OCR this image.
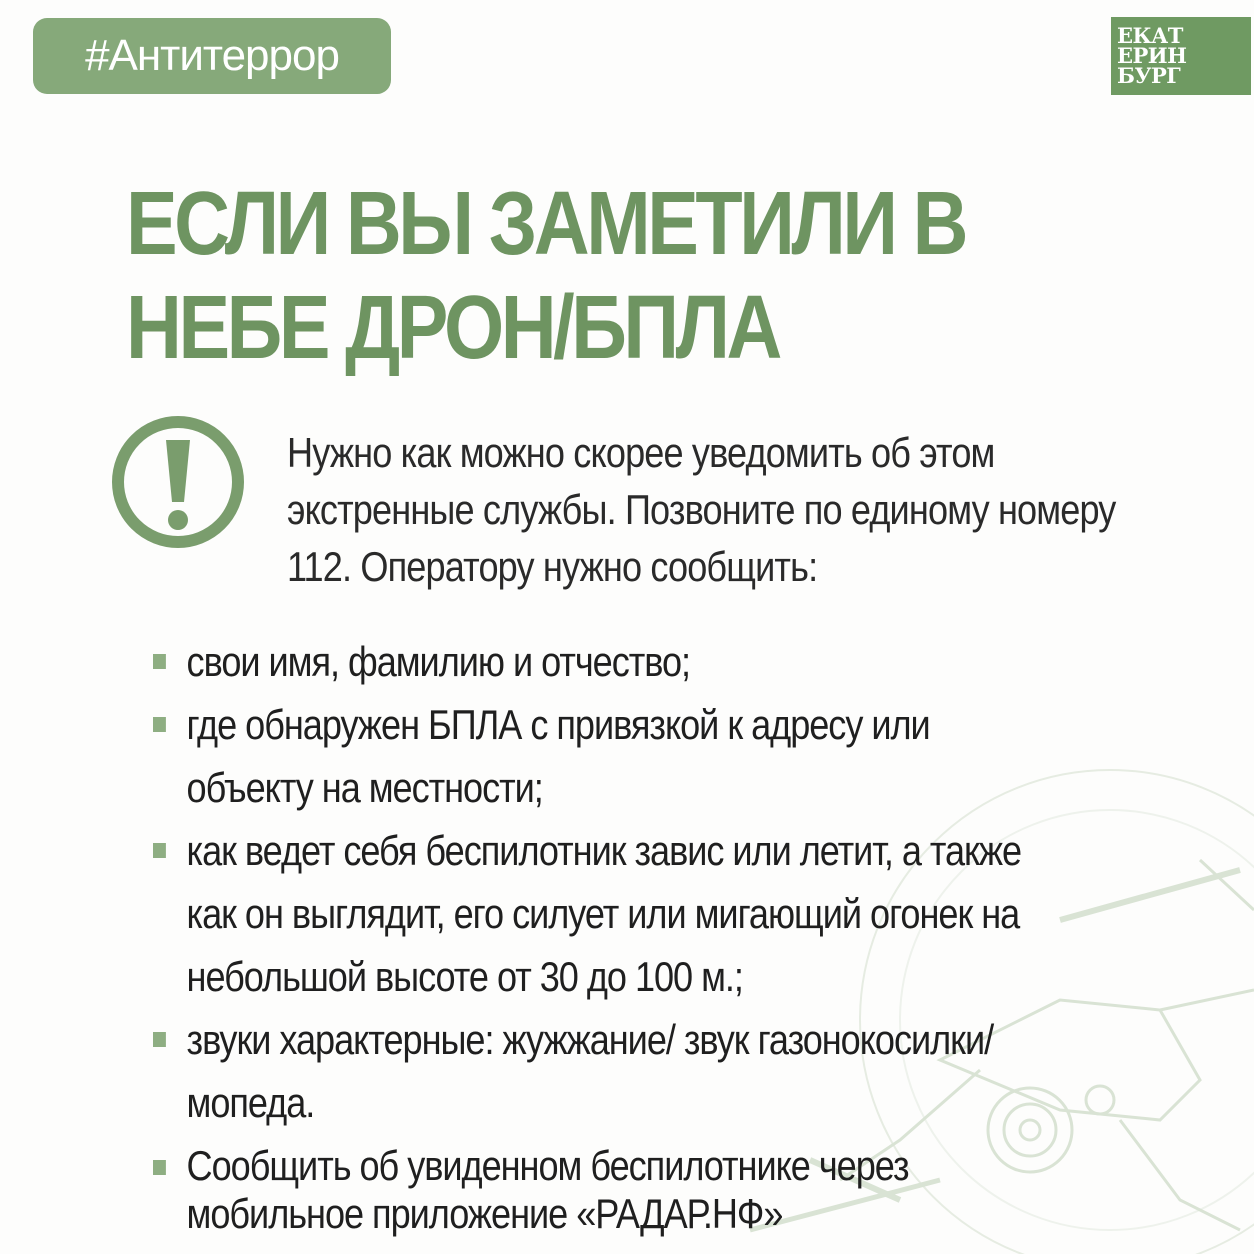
#Антитеррор	ЕКАТ
ЕРИН
БУРГ
ЕСЛИ ВЫ ЗАМЕТИЛИ В
НЕБЕ ДРОН/БПЛА
Нужно как можно скорее уведомить об этом экстренные службы. Позвоните по единому номеру 112. Оператору нужно сообщить:
свои имя, фамилию и отчество;
где обнаружен БПЛА с привязкой к адресу или объекту на местности;
как ведет себя беспилотник завис или летит, а также как он выглядит, его силует или мигающий огонек на небольшой высоте от 30 до 100 м.;
звуки характерные: жужжание/ звук газонокосилки/ мопеда.
Сообщить об увиденном беспилотнике через мобильное приложение «РАДАР.НФ»
